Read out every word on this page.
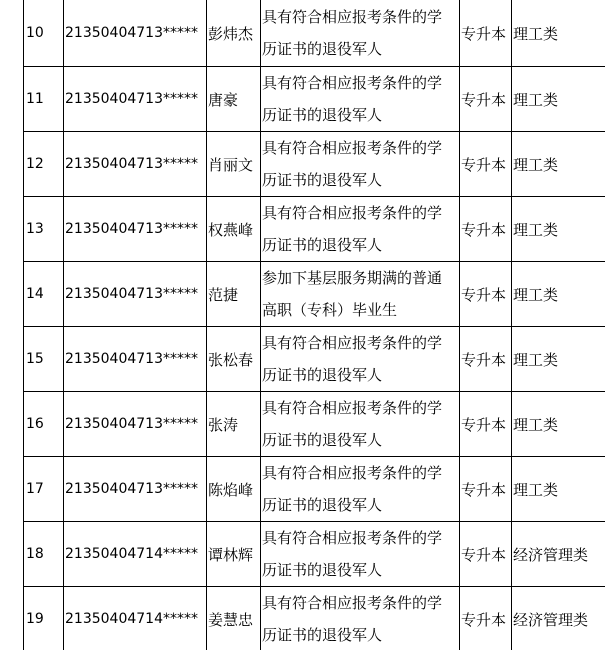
10	21350404713*****	彭炜杰	具有符合相应报考条件的学
历证书的退役军人	专升本	理工类
11	21350404713*****	唐豪	具有符合相应报考条件的学
历证书的退役军人	专升本	理工类
12	21350404713*****	肖丽文	具有符合相应报考条件的学
历证书的退役军人	专升本	理工类
13	21350404713*****	权燕峰	具有符合相应报考条件的学
历证书的退役军人	专升本	理工类
14	21350404713*****	范捷	参加下基层服务期满的普通
高职（专科）毕业生	专升本	理工类
15	21350404713*****	张松春	具有符合相应报考条件的学
历证书的退役军人	专升本	理工类
16	21350404713*****	张涛	具有符合相应报考条件的学
历证书的退役军人	专升本	理工类
17	21350404713*****	陈焰峰	具有符合相应报考条件的学
历证书的退役军人	专升本	理工类
18	21350404714*****	谭林辉	具有符合相应报考条件的学
历证书的退役军人	专升本	经济管理类
19	21350404714*****	姜慧忠	具有符合相应报考条件的学
历证书的退役军人	专升本	经济管理类
